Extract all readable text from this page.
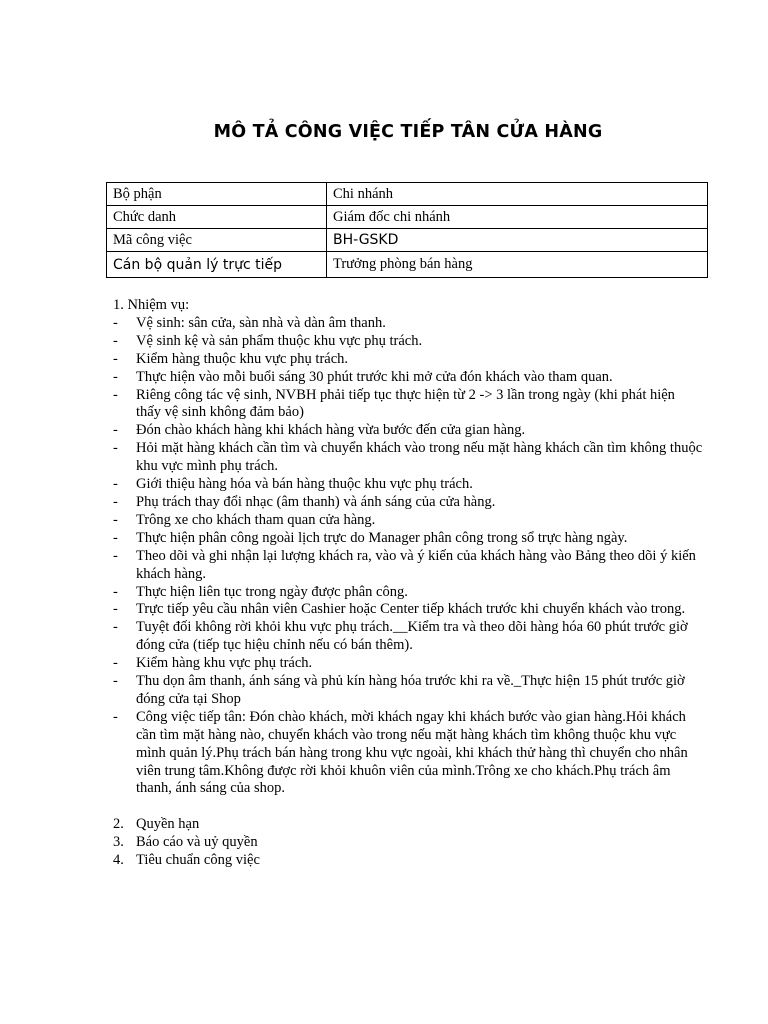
MÔ TẢ CÔNG VIỆC TIẾP TÂN CỬA HÀNG
Bộ phận	Chi nhánh
Chức danh	Giám đốc chi nhánh
Mã công việc	BH-GSKD
Cán bộ quản lý trực tiếp	Trưởng phòng bán hàng

1. Nhiệm vụ:

- Vệ sinh: sân cửa, sàn nhà và dàn âm thanh.
- Vệ sinh kệ và sản phẩm thuộc khu vực phụ trách.
- Kiểm hàng thuộc khu vực phụ trách.
- Thực hiện vào mỗi buổi sáng 30 phút trước khi mở cửa đón khách vào tham quan.
- Riêng công tác vệ sinh, NVBH phải tiếp tục thực hiện từ 2 -> 3 lần trong ngày (khi phát hiện thấy vệ sinh không đảm bảo)
- Đón chào khách hàng khi khách hàng vừa bước đến cửa gian hàng.
- Hỏi mặt hàng khách cần tìm và chuyển khách vào trong nếu mặt hàng khách cần tìm không thuộc khu vực mình phụ trách.
- Giới thiệu hàng hóa và bán hàng thuộc khu vực phụ trách.
- Phụ trách thay đổi nhạc (âm thanh) và ánh sáng của cửa hàng.
- Trông xe cho khách tham quan cửa hàng.
- Thực hiện phân công ngoài lịch trực do Manager phân công trong sổ trực hàng ngày.
- Theo dõi và ghi nhận lại lượng khách ra, vào và ý kiến của khách hàng vào Bảng theo dõi ý kiến khách hàng.
- Thực hiện liên tục trong ngày được phân công.
- Trực tiếp yêu cầu nhân viên Cashier hoặc Center tiếp khách trước khi chuyển khách vào trong.
- Tuyệt đối không rời khỏi khu vực phụ trách.__Kiểm tra và theo dõi hàng hóa 60 phút trước giờ đóng cửa (tiếp tục hiệu chỉnh nếu có bán thêm).
- Kiểm hàng khu vực phụ trách.
- Thu dọn âm thanh, ánh sáng và phủ kín hàng hóa trước khi ra về._Thực hiện 15 phút trước giờ đóng cửa tại Shop
- Công việc tiếp tân: Đón chào khách, mời khách ngay khi khách bước vào gian hàng.Hỏi khách cần tìm mặt hàng nào, chuyển khách vào trong nếu mặt hàng khách tìm không thuộc khu vực mình quản lý.Phụ trách bán hàng trong khu vực ngoài, khi khách thử hàng thì chuyển cho nhân viên trung tâm.Không được rời khỏi khuôn viên của mình.Trông xe cho khách.Phụ trách âm thanh, ánh sáng của shop.
2. Quyền hạn
3. Báo cáo và uỷ quyền
4. Tiêu chuẩn công việc
